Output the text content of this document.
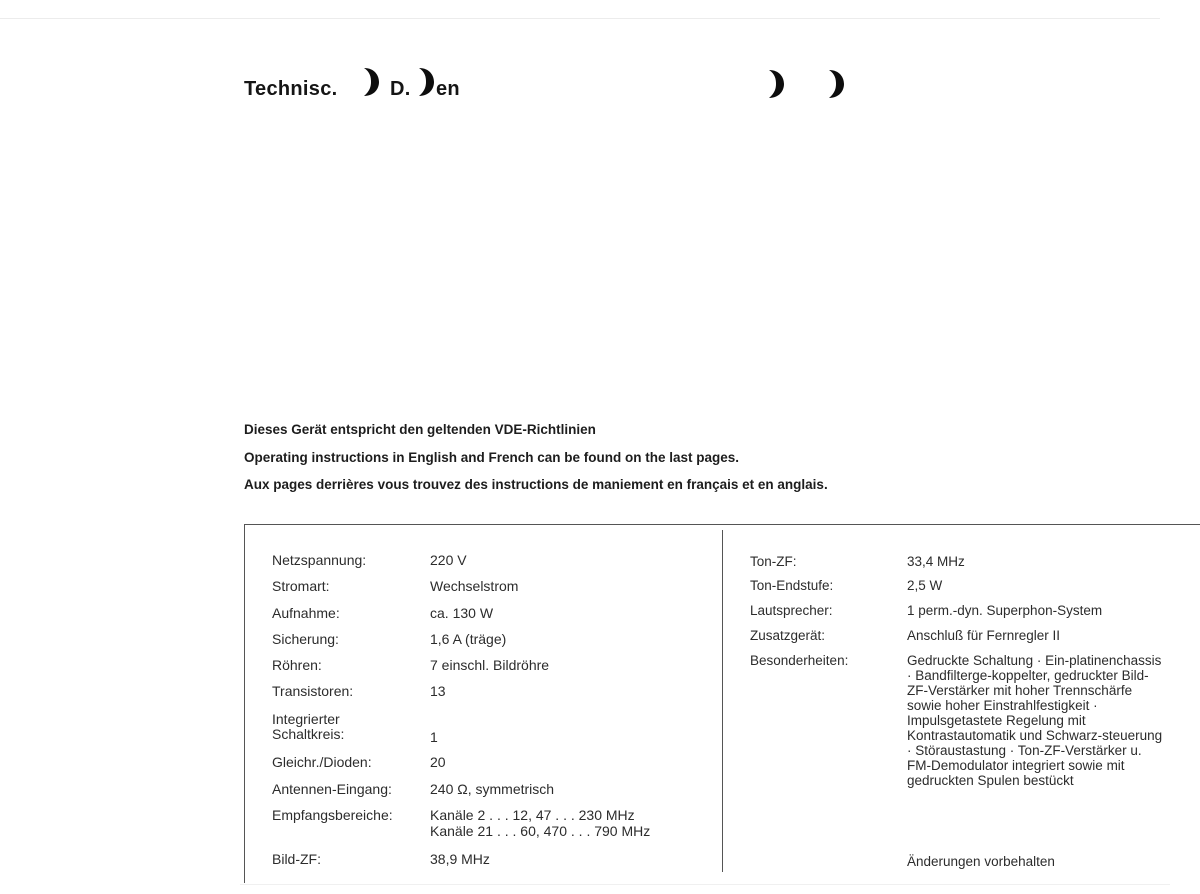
Technisc.	D. en
Dieses Gerät entspricht den geltenden VDE-Richtlinien
Operating instructions in English and French can be found on the last pages.
Aux pages derrières vous trouvez des instructions de maniement en français et en anglais.
Netzspannung:	220 V
Stromart:	Wechselstrom
Aufnahme:	ca. 130 W
Sicherung:	1,6 A (träge)
Röhren:	7 einschl. Bildröhre
Transistoren:	13
Integrierter Schaltkreis:	1
Gleichr./Dioden:	20
Antennen-Eingang:	240 Ω, symmetrisch
Empfangsbereiche:	Kanäle 2 . . . 12, 47 . . . 230 MHz
Kanäle 21 . . . 60, 470 . . . 790 MHz
Bild-ZF:	38,9 MHz
Ton-ZF:	33,4 MHz
Ton-Endstufe:	2,5 W
Lautsprecher:	1 perm.-dyn. Superphon-System
Zusatzgerät:	Anschluß für Fernregler II
Besonderheiten:	Gedruckte Schaltung · Ein-platinenchassis · Bandfilterge-koppelter, gedruckter Bild-ZF-Verstärker mit hoher Trennschärfe sowie hoher Einstrahlfestigkeit · Impulsgetastete Regelung mit Kontrastautomatik und Schwarz-steuerung · Störaustastung · Ton-ZF-Verstärker u. FM-Demodulator integriert sowie mit gedruckten Spulen bestückt
Änderungen vorbehalten
